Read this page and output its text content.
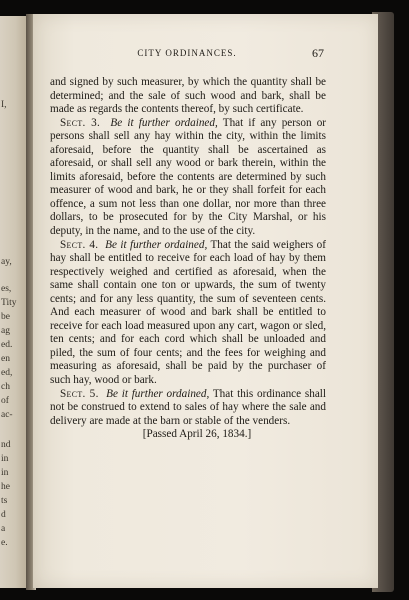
I,
ay,
es,
Tity
be
ag
ed.
en
ed,
ch
of
ac-
nd
in
in
he
ts
d
a
e.
CITY ORDINANCES.	67

and signed by such measurer, by which the quantity shall be determined; and the sale of such wood and bark, shall be made as regards the contents thereof, by such certificate.

Sect. 3. Be it further ordained, That if any person or persons shall sell any hay within the city, within the limits aforesaid, before the quantity shall be ascertained as aforesaid, or shall sell any wood or bark therein, within the limits aforesaid, before the contents are determined by such measurer of wood and bark, he or they shall forfeit for each offence, a sum not less than one dollar, nor more than three dollars, to be prosecuted for by the City Marshal, or his deputy, in the name, and to the use of the city.

Sect. 4. Be it further ordained, That the said weighers of hay shall be entitled to receive for each load of hay by them respectively weighed and certified as aforesaid, when the same shall contain one ton or upwards, the sum of twenty cents; and for any less quantity, the sum of seventeen cents. And each measurer of wood and bark shall be entitled to receive for each load measured upon any cart, wagon or sled, ten cents; and for each cord which shall be unloaded and piled, the sum of four cents; and the fees for weighing and measuring as aforesaid, shall be paid by the purchaser of such hay, wood or bark.

Sect. 5. Be it further ordained, That this ordinance shall not be construed to extend to sales of hay where the sale and delivery are made at the barn or stable of the venders.

[Passed April 26, 1834.]
